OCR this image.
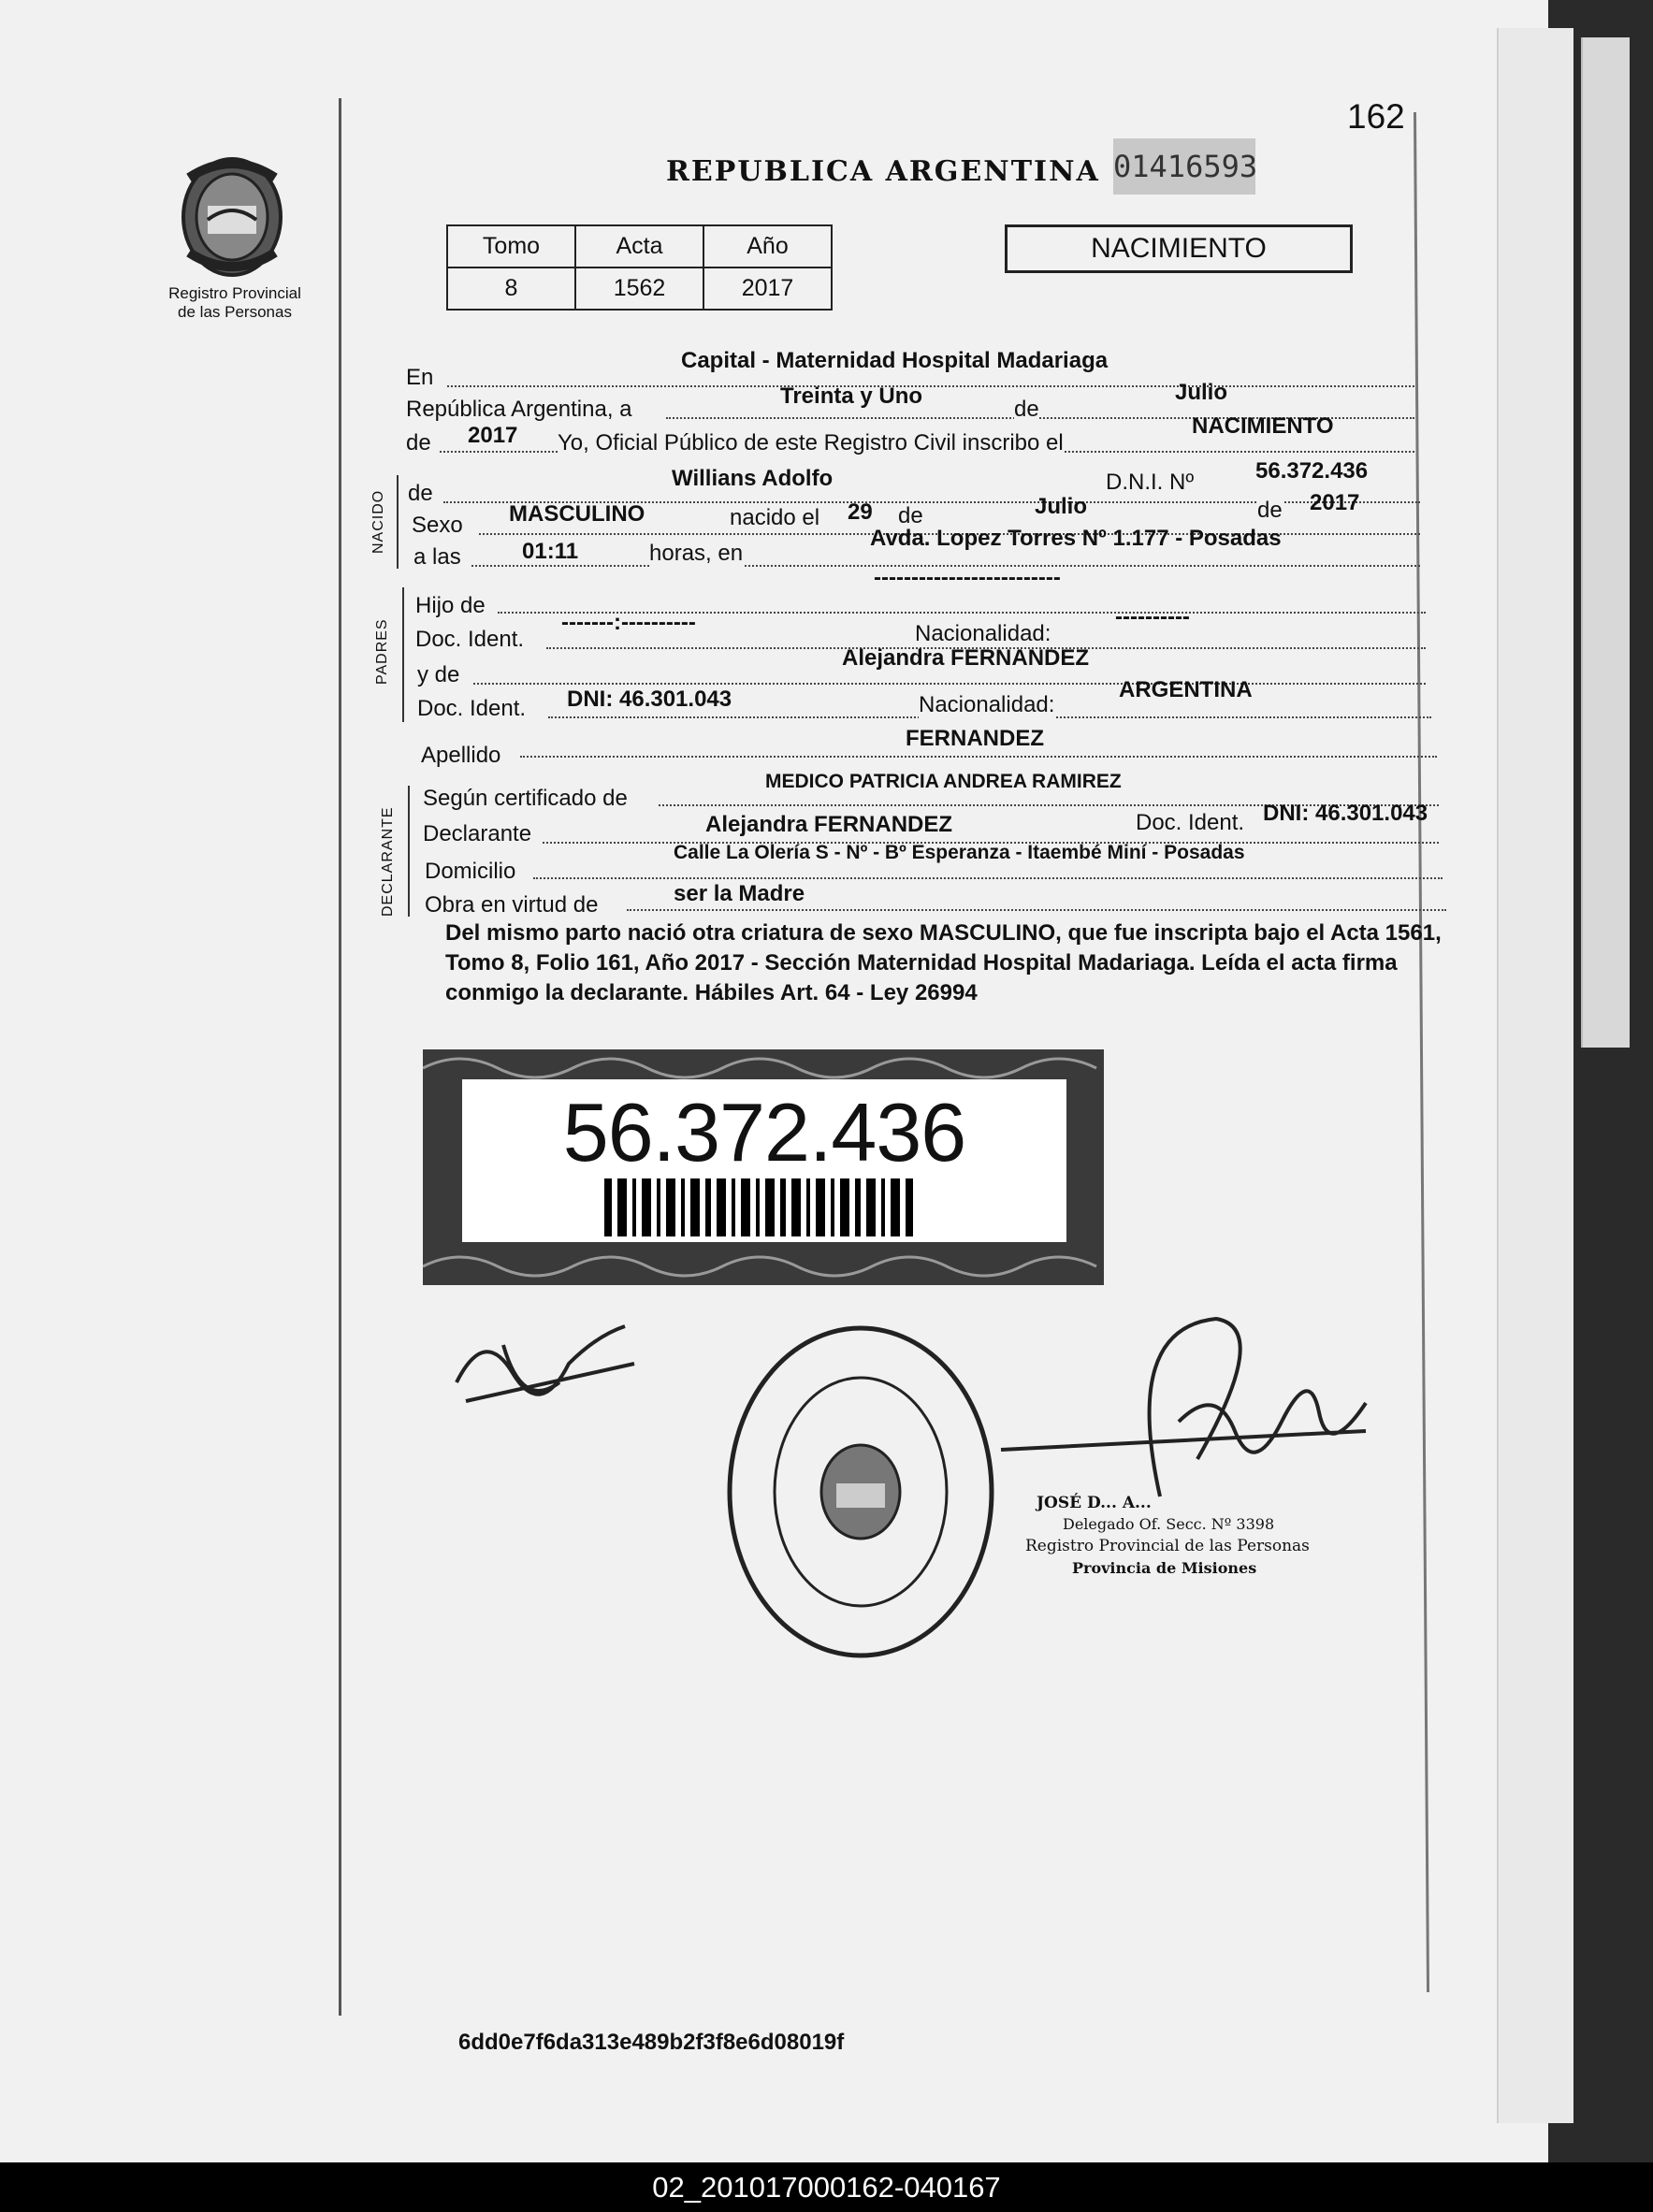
162
Registro Provincial
de las Personas
REPUBLICA ARGENTINA 01416593
Tomo	Acta	Año
8	1562	2017
NACIMIENTO
En
Capital - Maternidad Hospital Madariaga
República Argentina, a
Treinta y Uno
de
Julio
de 2017 Yo, Oficial Público de este Registro Civil inscribo el
NACIMIENTO
NACIDO de
Willians Adolfo	D.N.I. Nº	56.372.436
Sexo MASCULINO	nacido el 29 de	Julio	de 2017
a las	01:11	horas, en
Avda. Lopez Torres Nº 1.177 - Posadas
PADRES
Hijo de
-------------------------
Doc. Ident.
-------:----------	Nacionalidad:
----------
y de
Alejandra FERNANDEZ
Doc. Ident. DNI: 46.301.043	Nacionalidad:
ARGENTINA
Apellido
FERNANDEZ
DECLARANTE
Según certificado de
MEDICO PATRICIA ANDREA RAMIREZ
Declarante	Alejandra FERNANDEZ	Doc. Ident. DNI: 46.301.043
Domicilio
Calle La Olería S - Nº - Bº Esperanza - Itaembé Miní - Posadas
Obra en virtud de	ser la Madre
Del mismo parto nació otra criatura de sexo MASCULINO, que fue inscripta bajo el Acta 1561, Tomo 8, Folio 161, Año 2017 - Sección Maternidad Hospital Madariaga. Leída el acta firma conmigo la declarante. Hábiles Art. 64 - Ley 26994
56.372.436
JOSÉ D... A...
Delegado Of. Secc. Nº 3398
Registro Provincial de las Personas
Provincia de Misiones
6dd0e7f6da313e489b2f3f8e6d08019f
02_201017000162-040167
